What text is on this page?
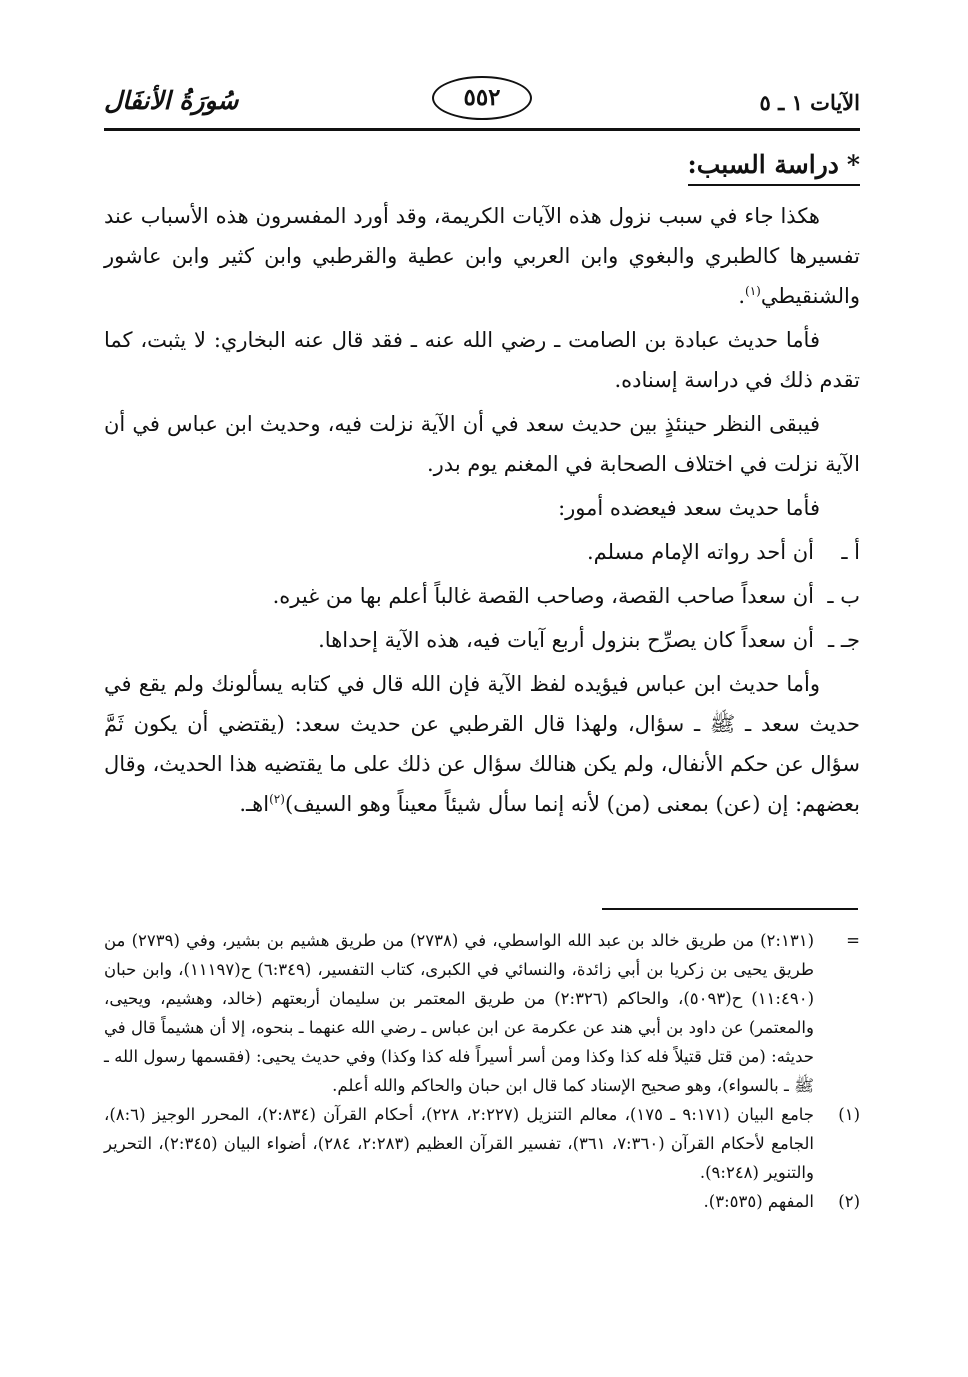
الآيات ١ ـ ٥
٥٥٢
سُورَةُ الأنفَال
*دراسة السبب:

هكذا جاء في سبب نزول هذه الآيات الكريمة، وقد أورد المفسرون هذه الأسباب عند تفسيرها كالطبري والبغوي وابن العربي وابن عطية والقرطبي وابن كثير وابن عاشور والشنقيطي$^{(١)}$.

فأما حديث عبادة بن الصامت ـ رضي الله عنه ـ فقد قال عنه البخاري: لا يثبت، كما تقدم ذلك في دراسة إسناده.

فيبقى النظر حينئذٍ بين حديث سعد في أن الآية نزلت فيه، وحديث ابن عباس في أن الآية نزلت في اختلاف الصحابة في المغنم يوم بدر.

فأما حديث سعد فيعضده أمور:

أ ـ
أن أحد رواته الإمام مسلم.

ب ـ
أن سعداً صاحب القصة، وصاحب القصة غالباً أعلم بها من غيره.

جـ ـ
أن سعداً كان يصرِّح بنزول أربع آيات فيه، هذه الآية إحداها.

وأما حديث ابن عباس فيؤيده لفظ الآية فإن الله قال في كتابه يسألونك ولم يقع في حديث سعد ـ ﷺ ـ سؤال، ولهذا قال القرطبي عن حديث سعد: (يقتضي أن يكون ثَمَّ سؤال عن حكم الأنفال، ولم يكن هنالك سؤال عن ذلك على ما يقتضيه هذا الحديث، وقال بعضهم: إن (عن) بمعنى (من) لأنه إنما سأل شيئاً معيناً وهو السيف)$^{(٢)}$اهـ.

=
(٢:١٣١) من طريق خالد بن عبد الله الواسطي، في (٢٧٣٨) من طريق هشيم بن بشير، وفي (٢٧٣٩) من طريق يحيى بن زكريا بن أبي زائدة، والنسائي في الكبرى، كتاب التفسير، (٦:٣٤٩) ح(١١١٩٧)، وابن حبان (١١:٤٩٠) ح(٥٠٩٣)، والحاكم (٢:٣٢٦) من طريق المعتمر بن سليمان أربعتهم (خالد، وهشيم، ويحيى، والمعتمر) عن داود بن أبي هند عن عكرمة عن ابن عباس ـ رضي الله عنهما ـ بنحوه، إلا أن هشيماً قال في حديثه: (من قتل قتيلاً فله كذا وكذا ومن أسر أسيراً فله كذا وكذا) وفي حديث يحيى: (فقسمها رسول الله ـ ﷺ ـ بالسواء)، وهو صحيح الإسناد كما قال ابن حبان والحاكم والله أعلم.

(١)
جامع البيان (٩:١٧١ ـ ١٧٥)، معالم التنزيل (٢:٢٢٧، ٢٢٨)، أحكام القرآن (٢:٨٣٤)، المحرر الوجيز (٨:٦)، الجامع لأحكام القرآن (٧:٣٦٠، ٣٦١)، تفسير القرآن العظيم (٢:٢٨٣، ٢٨٤)، أضواء البيان (٢:٣٤٥)، التحرير والتنوير (٩:٢٤٨).

(٢)
المفهم (٣:٥٣٥).
